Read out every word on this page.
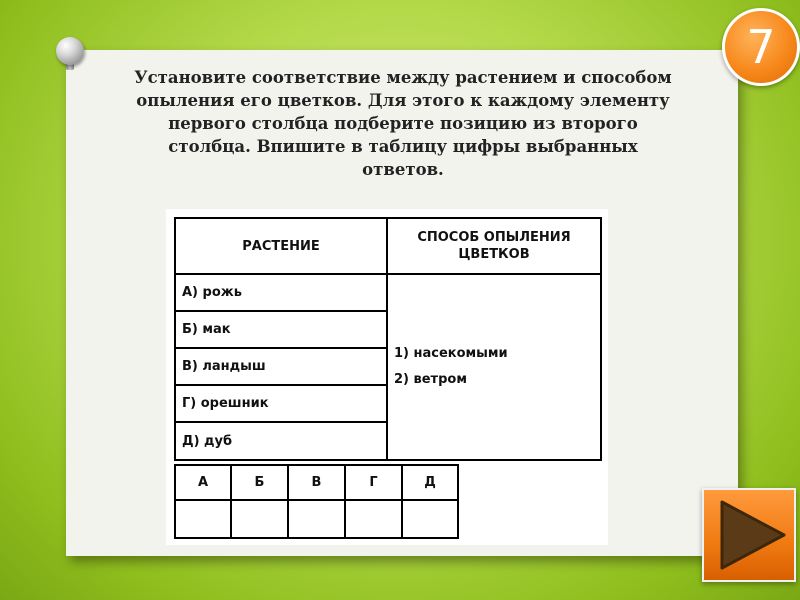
7
Установите соответствие между растением и способом
опыления его цветков. Для этого к каждому элементу
первого столбца подберите позицию из второго
столбца. Впишите в таблицу цифры выбранных
ответов.
РАСТЕНИЕ
СПОСОБ ОПЫЛЕНИЯ
ЦВЕТКОВ
А) рожь
Б) мак
В) ландыш
Г) орешник
Д) дуб
1) насекомыми
2) ветром
А	Б	В	Г	Д
